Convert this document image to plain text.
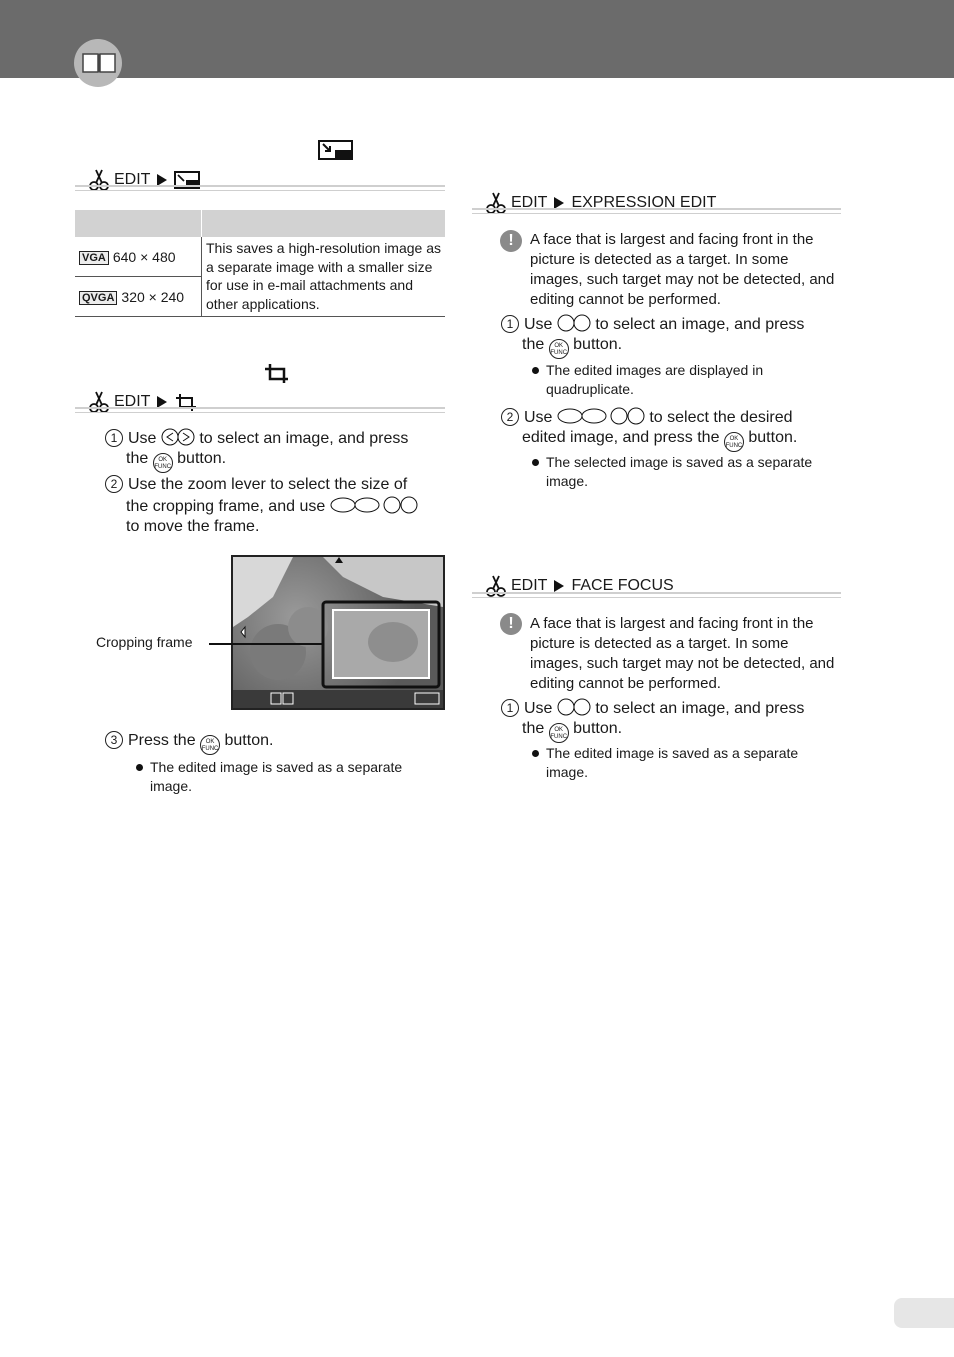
EDIT

VGA 640 × 480	This saves a high-resolution image as a separate image with a smaller size for use in e-mail attachments and other applications.
QVGA 320 × 240	
EDIT
1 Use	to select an image, and press
the OK
FUNC button.
2 Use the zoom lever to select the size of
the cropping frame, and use
to move the frame.
Cropping frame
3 Press the OK
FUNC button.
The edited image is saved as a separate image.
EDIT EXPRESSION EDIT
!	A face that is largest and facing front in the picture is detected as a target. In some images, such target may not be detected, and editing cannot be performed.
1 Use	to select an image, and press
the OK
FUNC button.
The edited images are displayed in quadruplicate.
2 Use	to select the desired
edited image, and press the OK
FUNC button.
The selected image is saved as a separate image.
EDIT FACE FOCUS
!	A face that is largest and facing front in the picture is detected as a target. In some images, such target may not be detected, and editing cannot be performed.
1 Use	to select an image, and press
the OK
FUNC button.
The edited image is saved as a separate image.
